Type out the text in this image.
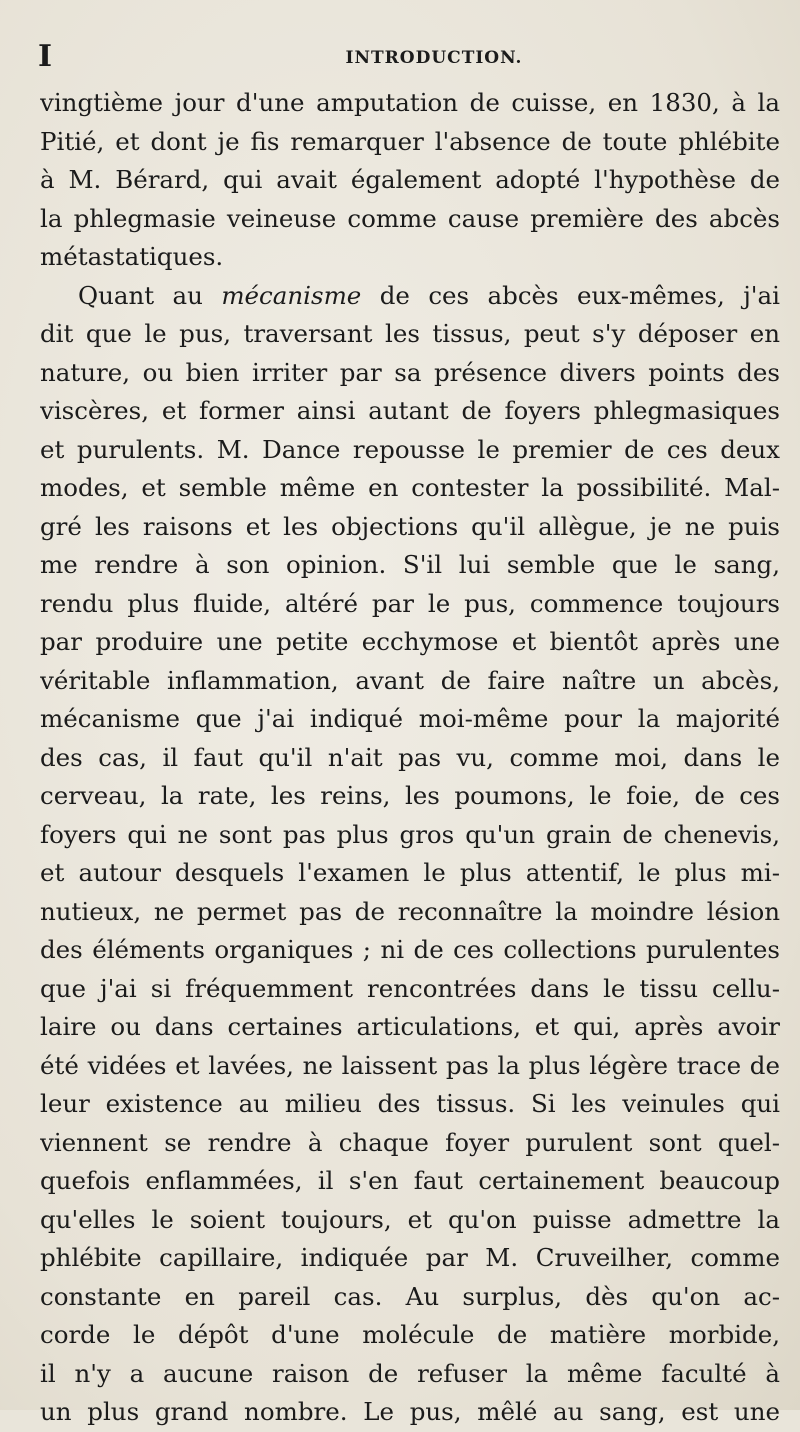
I	INTRODUCTION.
vingtième jour d'une amputation de cuisse, en 1830, à la
Pitié, et dont je fis remarquer l'absence de toute phlébite
à M. Bérard, qui avait également adopté l'hypothèse de
la phlegmasie veineuse comme cause première des abcès
métastatiques.
Quant au mécanisme de ces abcès eux-mêmes, j'ai
dit que le pus, traversant les tissus, peut s'y déposer en
nature, ou bien irriter par sa présence divers points des
viscères, et former ainsi autant de foyers phlegmasiques
et purulents. M. Dance repousse le premier de ces deux
modes, et semble même en contester la possibilité. Mal-
gré les raisons et les objections qu'il allègue, je ne puis
me rendre à son opinion. S'il lui semble que le sang,
rendu plus fluide, altéré par le pus, commence toujours
par produire une petite ecchymose et bientôt après une
véritable inflammation, avant de faire naître un abcès,
mécanisme que j'ai indiqué moi-même pour la majorité
des cas, il faut qu'il n'ait pas vu, comme moi, dans le
cerveau, la rate, les reins, les poumons, le foie, de ces
foyers qui ne sont pas plus gros qu'un grain de chenevis,
et autour desquels l'examen le plus attentif, le plus mi-
nutieux, ne permet pas de reconnaître la moindre lésion
des éléments organiques ; ni de ces collections purulentes
que j'ai si fréquemment rencontrées dans le tissu cellu-
laire ou dans certaines articulations, et qui, après avoir
été vidées et lavées, ne laissent pas la plus légère trace de
leur existence au milieu des tissus. Si les veinules qui
viennent se rendre à chaque foyer purulent sont quel-
quefois enflammées, il s'en faut certainement beaucoup
qu'elles le soient toujours, et qu'on puisse admettre la
phlébite capillaire, indiquée par M. Cruveilher, comme
constante en pareil cas. Au surplus, dès qu'on ac-
corde le dépôt d'une molécule de matière morbide,
il n'y a aucune raison de refuser la même faculté à
un plus grand nombre. Le pus, mêlé au sang, est une
